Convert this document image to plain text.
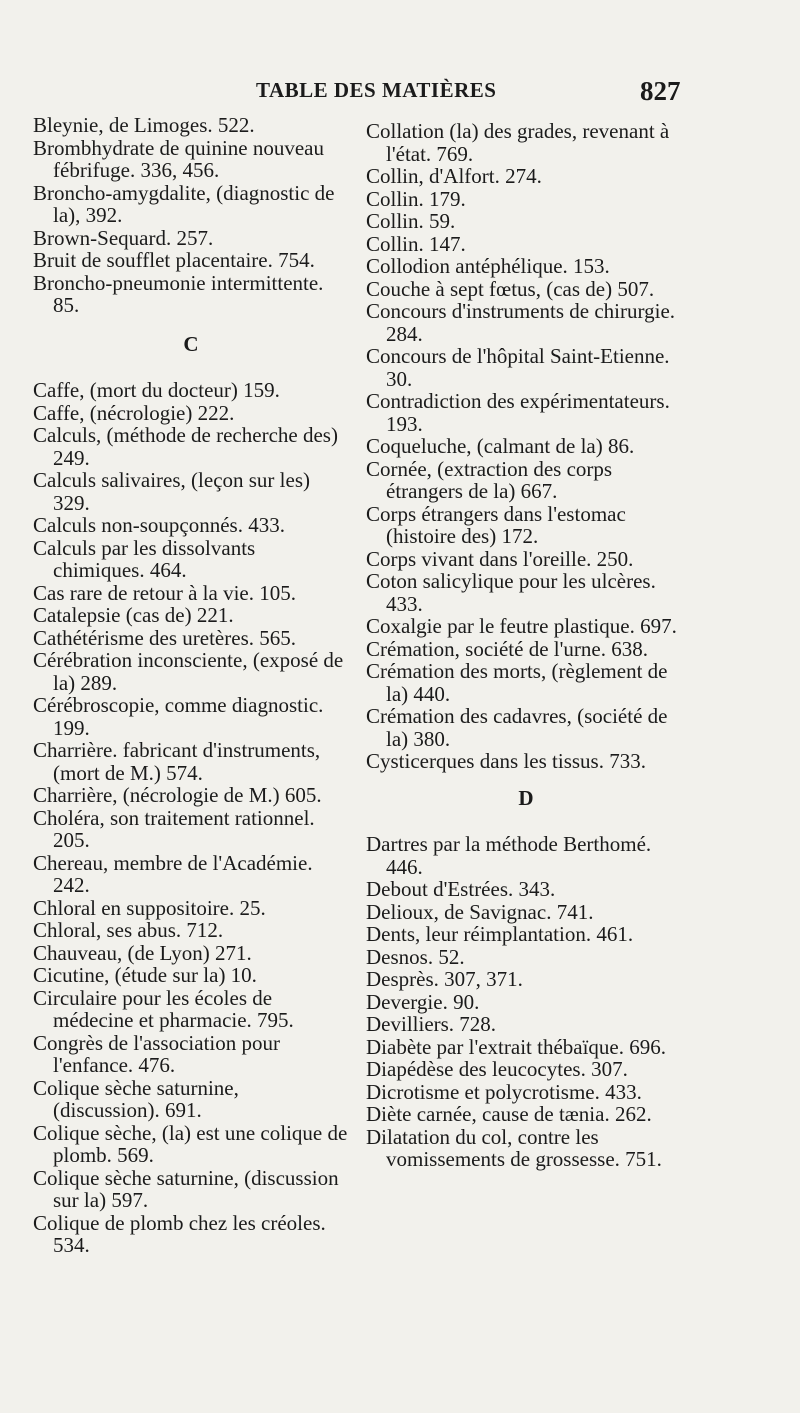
TABLE DES MATIÈRES	827

Bleynie, de Limoges. 522.

Brombhydrate de quinine nouveau fébrifuge. 336, 456.

Broncho-amygdalite, (diagnostic de la), 392.

Brown-Sequard. 257.

Bruit de soufflet placentaire. 754.

Broncho-pneumonie intermittente. 85.

C

Caffe, (mort du docteur) 159.

Caffe, (nécrologie) 222.

Calculs, (méthode de recherche des) 249.

Calculs salivaires, (leçon sur les) 329.

Calculs non-soupçonnés. 433.

Calculs par les dissolvants chimiques. 464.

Cas rare de retour à la vie. 105.

Catalepsie (cas de) 221.

Cathétérisme des uretères. 565.

Cérébration inconsciente, (exposé de la) 289.

Cérébroscopie, comme diagnostic. 199.

Charrière. fabricant d'instruments, (mort de M.) 574.

Charrière, (nécrologie de M.) 605.

Choléra, son traitement rationnel. 205.

Chereau, membre de l'Académie. 242.

Chloral en suppositoire. 25.

Chloral, ses abus. 712.

Chauveau, (de Lyon) 271.

Cicutine, (étude sur la) 10.

Circulaire pour les écoles de médecine et pharmacie. 795.

Congrès de l'association pour l'enfance. 476.

Colique sèche saturnine, (discussion). 691.

Colique sèche, (la) est une colique de plomb. 569.

Colique sèche saturnine, (discussion sur la) 597.

Colique de plomb chez les créoles. 534.

Collation (la) des grades, revenant à l'état. 769.

Collin, d'Alfort. 274.

Collin. 179.

Collin. 59.

Collin. 147.

Collodion antéphélique. 153.

Couche à sept fœtus, (cas de) 507.

Concours d'instruments de chirurgie. 284.

Concours de l'hôpital Saint-Etienne. 30.

Contradiction des expérimentateurs. 193.

Coqueluche, (calmant de la) 86.

Cornée, (extraction des corps étrangers de la) 667.

Corps étrangers dans l'estomac (histoire des) 172.

Corps vivant dans l'oreille. 250.

Coton salicylique pour les ulcères. 433.

Coxalgie par le feutre plastique. 697.

Crémation, société de l'urne. 638.

Crémation des morts, (règlement de la) 440.

Crémation des cadavres, (société de la) 380.

Cysticerques dans les tissus. 733.

D

Dartres par la méthode Berthomé. 446.

Debout d'Estrées. 343.

Delioux, de Savignac. 741.

Dents, leur réimplantation. 461.

Desnos. 52.

Desprès. 307, 371.

Devergie. 90.

Devilliers. 728.

Diabète par l'extrait thébaïque. 696.

Diapédèse des leucocytes. 307.

Dicrotisme et polycrotisme. 433.

Diète carnée, cause de tænia. 262.

Dilatation du col, contre les vomissements de grossesse. 751.
